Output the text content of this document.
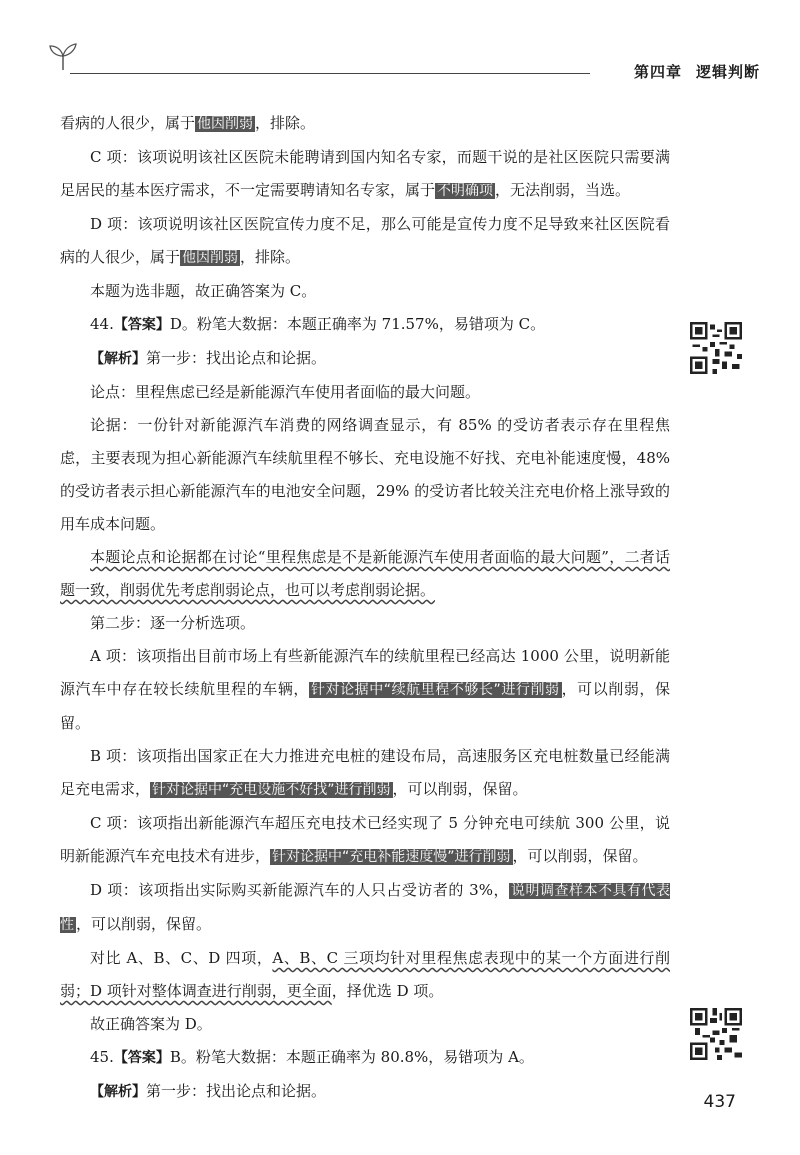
第四章 逻辑判断

看病的人很少，属于 他因削弱 ，排除。

C 项：该项说明该社区医院未能聘请到国内知名专家，而题干说的是社区医院只需要满足居民的基本医疗需求，不一定需要聘请知名专家，属于 不明确项 ，无法削弱，当选。

D 项：该项说明该社区医院宣传力度不足，那么可能是宣传力度不足导致来社区医院看病的人很少，属于 他因削弱 ，排除。

本题为选非题，故正确答案为 C。

44.【答案】D。粉笔大数据：本题正确率为 71.57%，易错项为 C。

【解析】第一步：找出论点和论据。

论点：里程焦虑已经是新能源汽车使用者面临的最大问题。

论据：一份针对新能源汽车消费的网络调查显示，有 85% 的受访者表示存在里程焦虑，主要表现为担心新能源汽车续航里程不够长、充电设施不好找、充电补能速度慢，48% 的受访者表示担心新能源汽车的电池安全问题，29% 的受访者比较关注充电价格上涨导致的用车成本问题。

本题论点和论据都在讨论“里程焦虑是不是新能源汽车使用者面临的最大问题”，二者话题一致，削弱优先考虑削弱论点，也可以考虑削弱论据。

第二步：逐一分析选项。

A 项：该项指出目前市场上有些新能源汽车的续航里程已经高达 1000 公里，说明新能源汽车中存在较长续航里程的车辆， 针对论据中“续航里程不够长”进行削弱 ，可以削弱，保留。

B 项：该项指出国家正在大力推进充电桩的建设布局，高速服务区充电桩数量已经能满足充电需求， 针对论据中“充电设施不好找”进行削弱 ，可以削弱，保留。

C 项：该项指出新能源汽车超压充电技术已经实现了 5 分钟充电可续航 300 公里，说明新能源汽车充电技术有进步， 针对论据中“充电补能速度慢”进行削弱 ，可以削弱，保留。

D 项：该项指出实际购买新能源汽车的人只占受访者的 3%， 说明调查样本不具有代表性 ，可以削弱，保留。

对比 A、B、C、D 四项，A、B、C 三项均针对里程焦虑表现中的某一个方面进行削弱；D 项针对整体调查进行削弱，更全面，择优选 D 项。

故正确答案为 D。

45.【答案】B。粉笔大数据：本题正确率为 80.8%，易错项为 A。

【解析】第一步：找出论点和论据。

437
